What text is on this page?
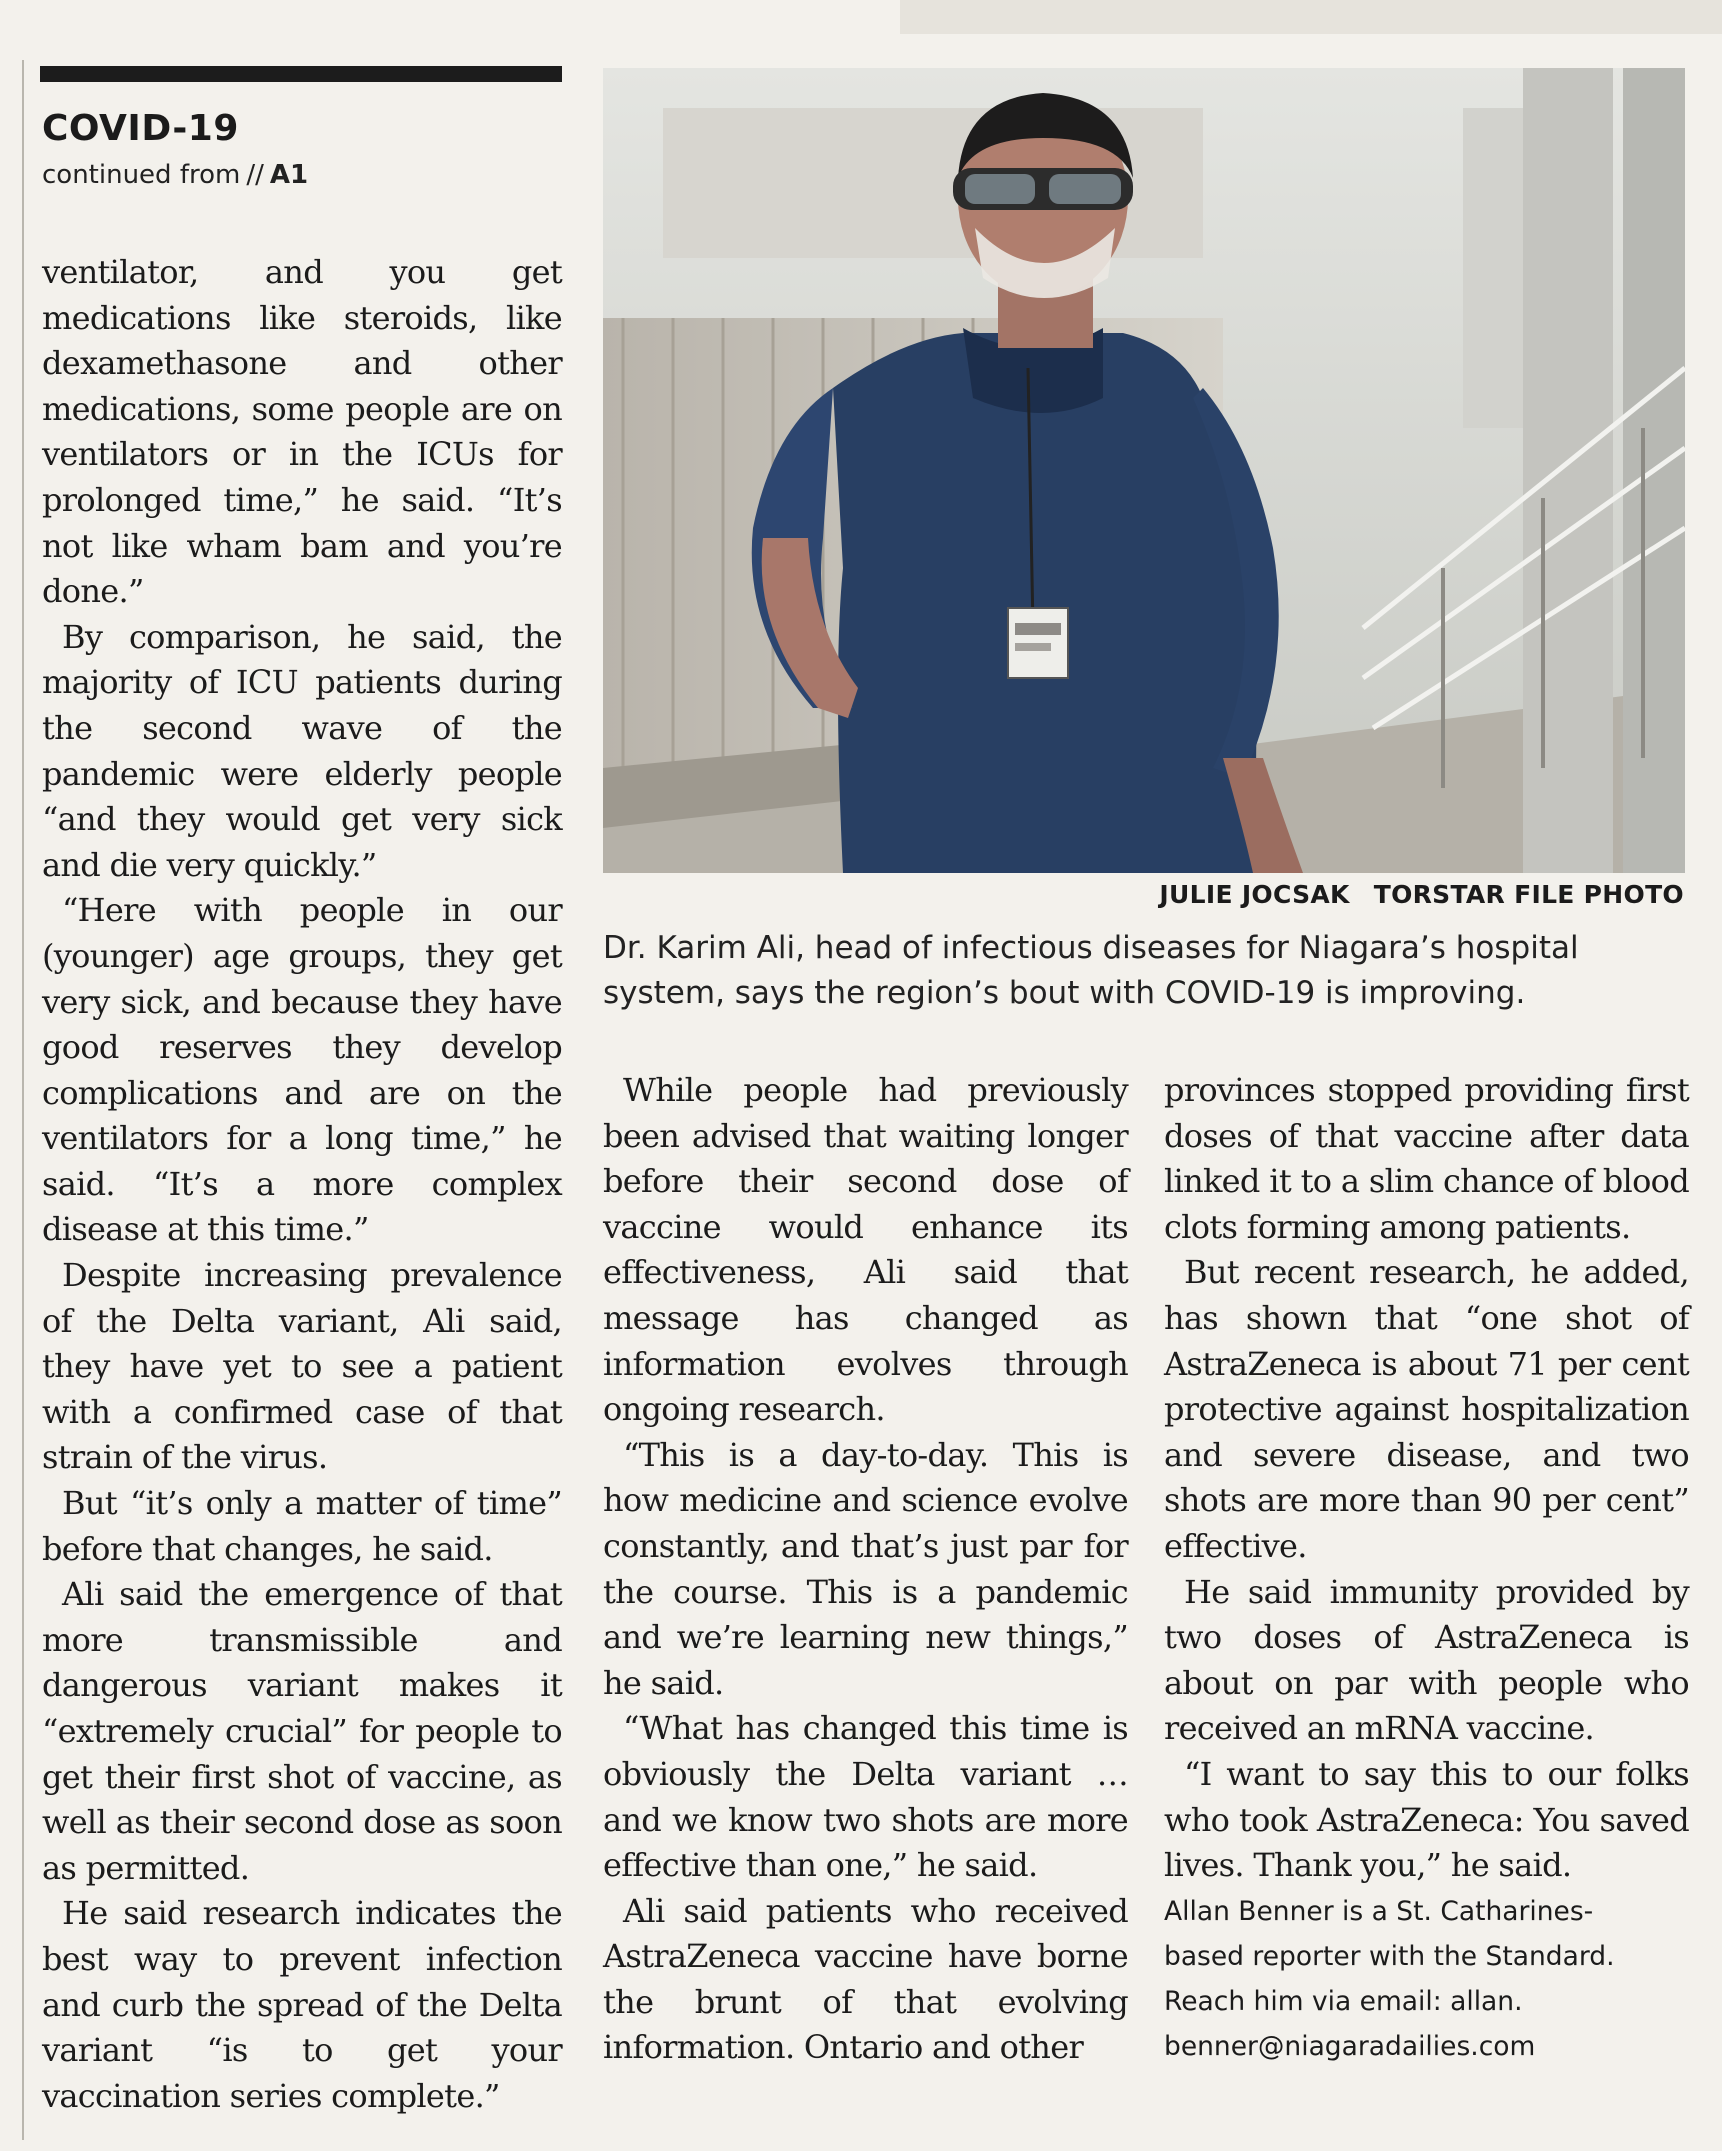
COVID-19
continued from // A1

ventilator, and you get medications like steroids, like dexamethasone and other medications, some people are on ventilators or in the ICUs for prolonged time,” he said. “It’s not like wham bam and you’re done.”

By comparison, he said, the majority of ICU patients during the second wave of the pandemic were elderly people “and they would get very sick and die very quickly.”

“Here with people in our (younger) age groups, they get very sick, and because they have good reserves they develop complications and are on the ventilators for a long time,” he said. “It’s a more complex disease at this time.”

Despite increasing prevalence of the Delta variant, Ali said, they have yet to see a patient with a confirmed case of that strain of the virus.

But “it’s only a matter of time” before that changes, he said.

Ali said the emergence of that more transmissible and dangerous variant makes it “extremely crucial” for people to get their first shot of vaccine, as well as their second dose as soon as permitted.

He said research indicates the best way to prevent infection and curb the spread of the Delta variant “is to get your vaccination series complete.”

JULIE JOCSAK TORSTAR FILE PHOTO
Dr. Karim Ali, head of infectious diseases for Niagara’s hospital system, says the region’s bout with COVID-19 is improving.

While people had previously been advised that waiting longer before their second dose of vaccine would enhance its effectiveness, Ali said that message has changed as information evolves through ongoing research.

“This is a day-to-day. This is how medicine and science evolve constantly, and that’s just par for the course. This is a pandemic and we’re learning new things,” he said.

“What has changed this time is obviously the Delta variant … and we know two shots are more effective than one,” he said.

Ali said patients who received AstraZeneca vaccine have borne the brunt of that evolving information. Ontario and other

provinces stopped providing first doses of that vaccine after data linked it to a slim chance of blood clots forming among patients.

But recent research, he added, has shown that “one shot of AstraZeneca is about 71 per cent protective against hospitalization and severe disease, and two shots are more than 90 per cent” effective.

He said immunity provided by two doses of AstraZeneca is about on par with people who received an mRNA vaccine.

“I want to say this to our folks who took AstraZeneca: You saved lives. Thank you,” he said.

Allan Benner is a St. Catharines-
based reporter with the Standard.
Reach him via email: allan.
benner@niagaradailies.com
